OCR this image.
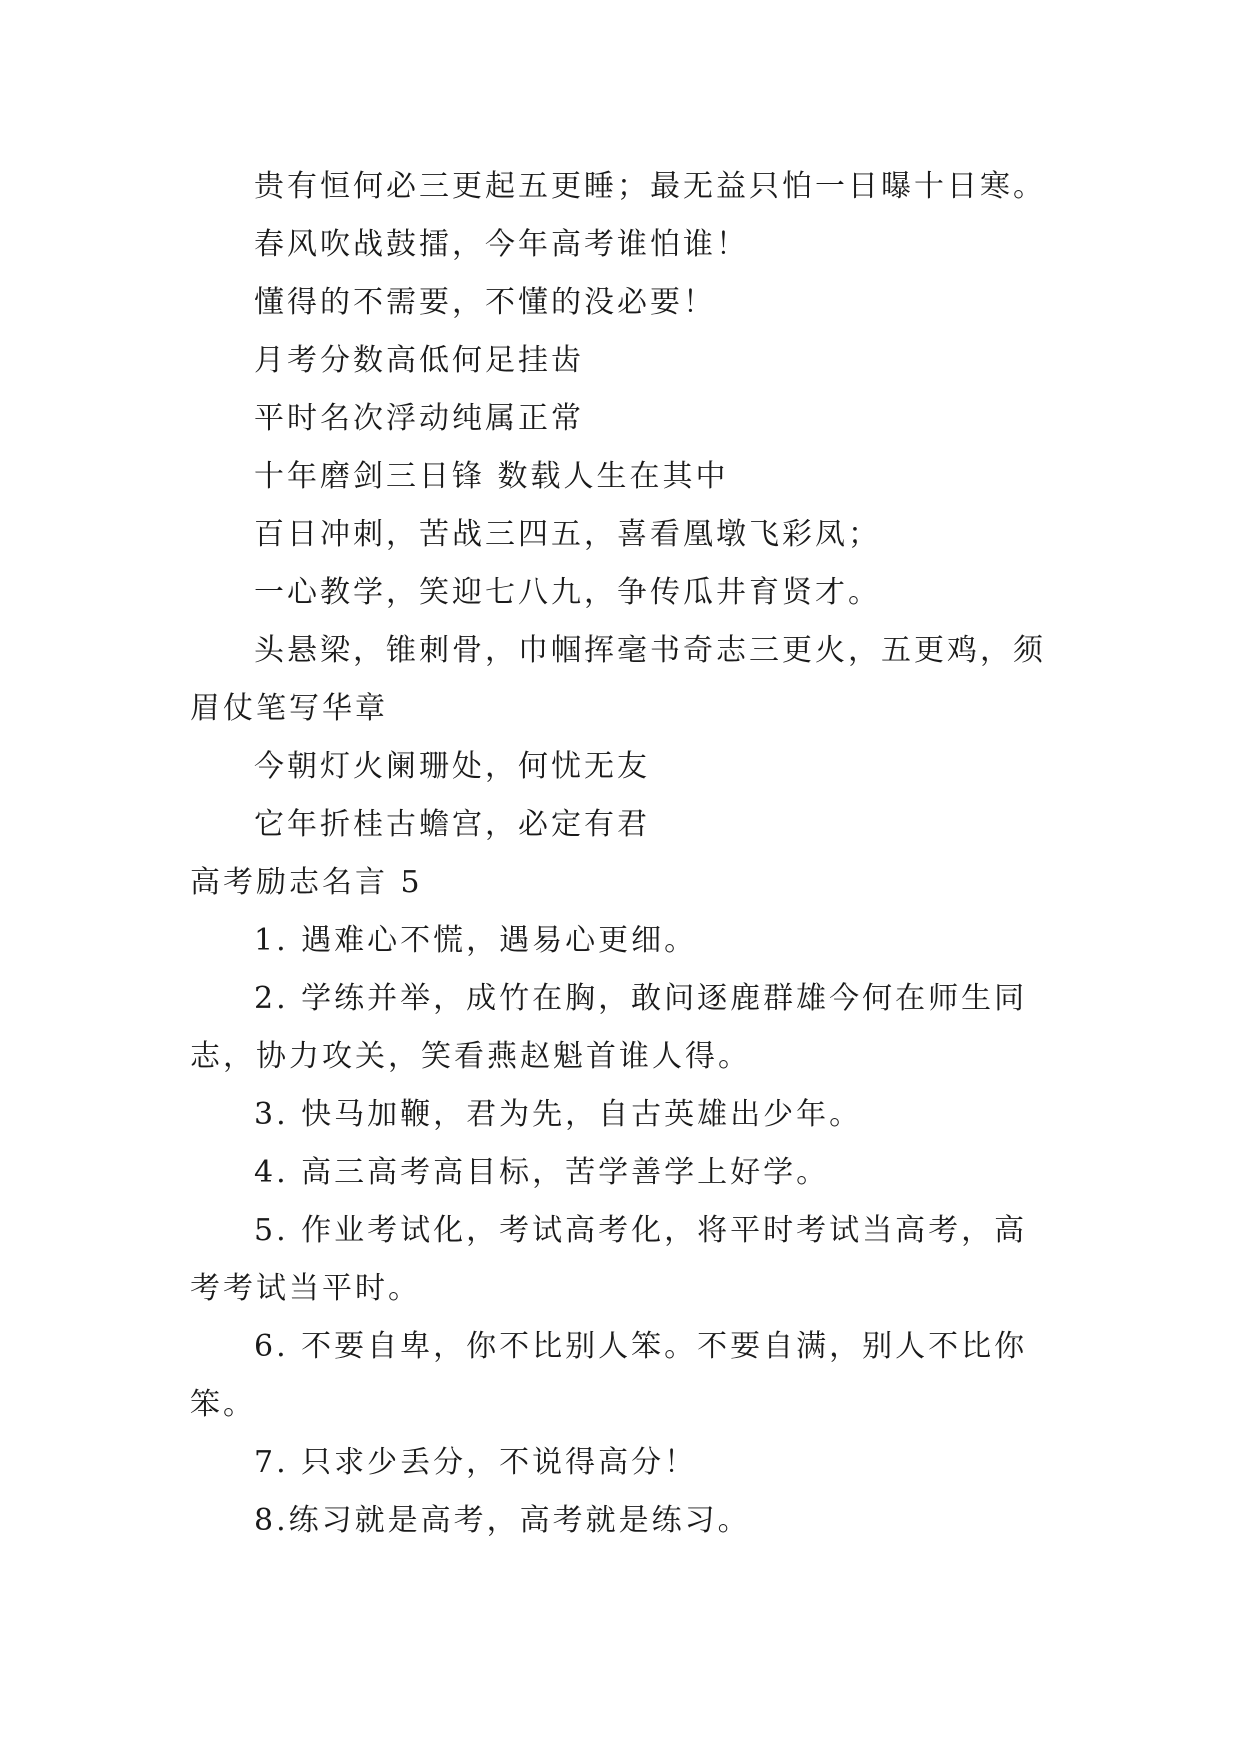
贵有恒何必三更起五更睡；最无益只怕一日曝十日寒。

春风吹战鼓擂，今年高考谁怕谁！

懂得的不需要，不懂的没必要！

月考分数高低何足挂齿

平时名次浮动纯属正常

十年磨剑三日锋 数载人生在其中

百日冲刺，苦战三四五，喜看凰墩飞彩凤；

一心教学，笑迎七八九，争传瓜井育贤才。

头悬梁，锥刺骨，巾帼挥毫书奇志三更火，五更鸡，须眉仗笔写华章

今朝灯火阑珊处，何忧无友

它年折桂古蟾宫，必定有君

高考励志名言 5

1. 遇难心不慌，遇易心更细。

2. 学练并举，成竹在胸，敢问逐鹿群雄今何在师生同志，协力攻关，笑看燕赵魁首谁人得。

3. 快马加鞭，君为先，自古英雄出少年。

4. 高三高考高目标，苦学善学上好学。

5. 作业考试化，考试高考化，将平时考试当高考，高考考试当平时。

6. 不要自卑，你不比别人笨。不要自满，别人不比你笨。

7. 只求少丢分，不说得高分！

8.练习就是高考，高考就是练习。
